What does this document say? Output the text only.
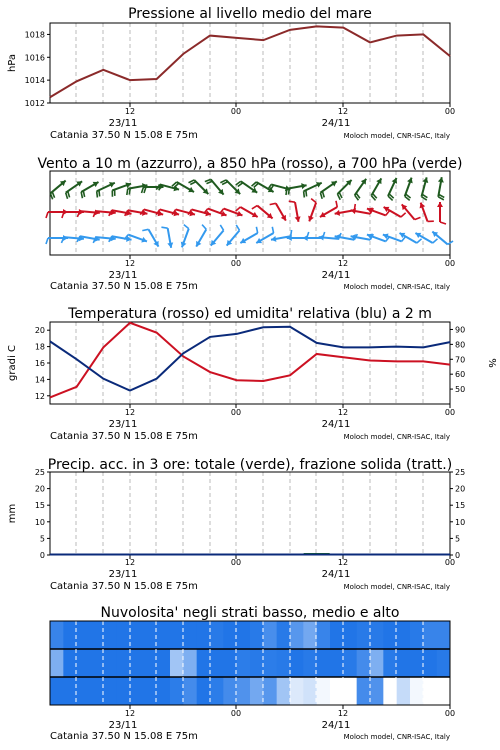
12	00	12	00
23/11	24/11
Catania 37.50 N 15.08 E 75m	Moloch model, CNR-ISAC, Italy
Pressione al livello medio del mare
1012
1014
1016
1018
hPa
12	00	12	00
23/11	24/11
Catania 37.50 N 15.08 E 75m	Moloch model, CNR-ISAC, Italy
Vento a 10 m (azzurro), a 850 hPa (rosso), a 700 hPa (verde)
12	00	12	00
23/11	24/11
Catania 37.50 N 15.08 E 75m	Moloch model, CNR-ISAC, Italy
Temperatura (rosso) ed umidita' relativa (blu) a 2 m
12
14
16
18
20
50
60
70
80
90
gradi C	%
12	00	12	00
23/11	24/11
Catania 37.50 N 15.08 E 75m	Moloch model, CNR-ISAC, Italy
Precip. acc. in 3 ore: totale (verde), frazione solida (tratt.)
0	0
5	5
10	10
15	15
20	20
25	25
mm
12	00	12	00
23/11	24/11
Catania 37.50 N 15.08 E 75m	Moloch model, CNR-ISAC, Italy
Nuvolosita' negli strati basso, medio e alto
